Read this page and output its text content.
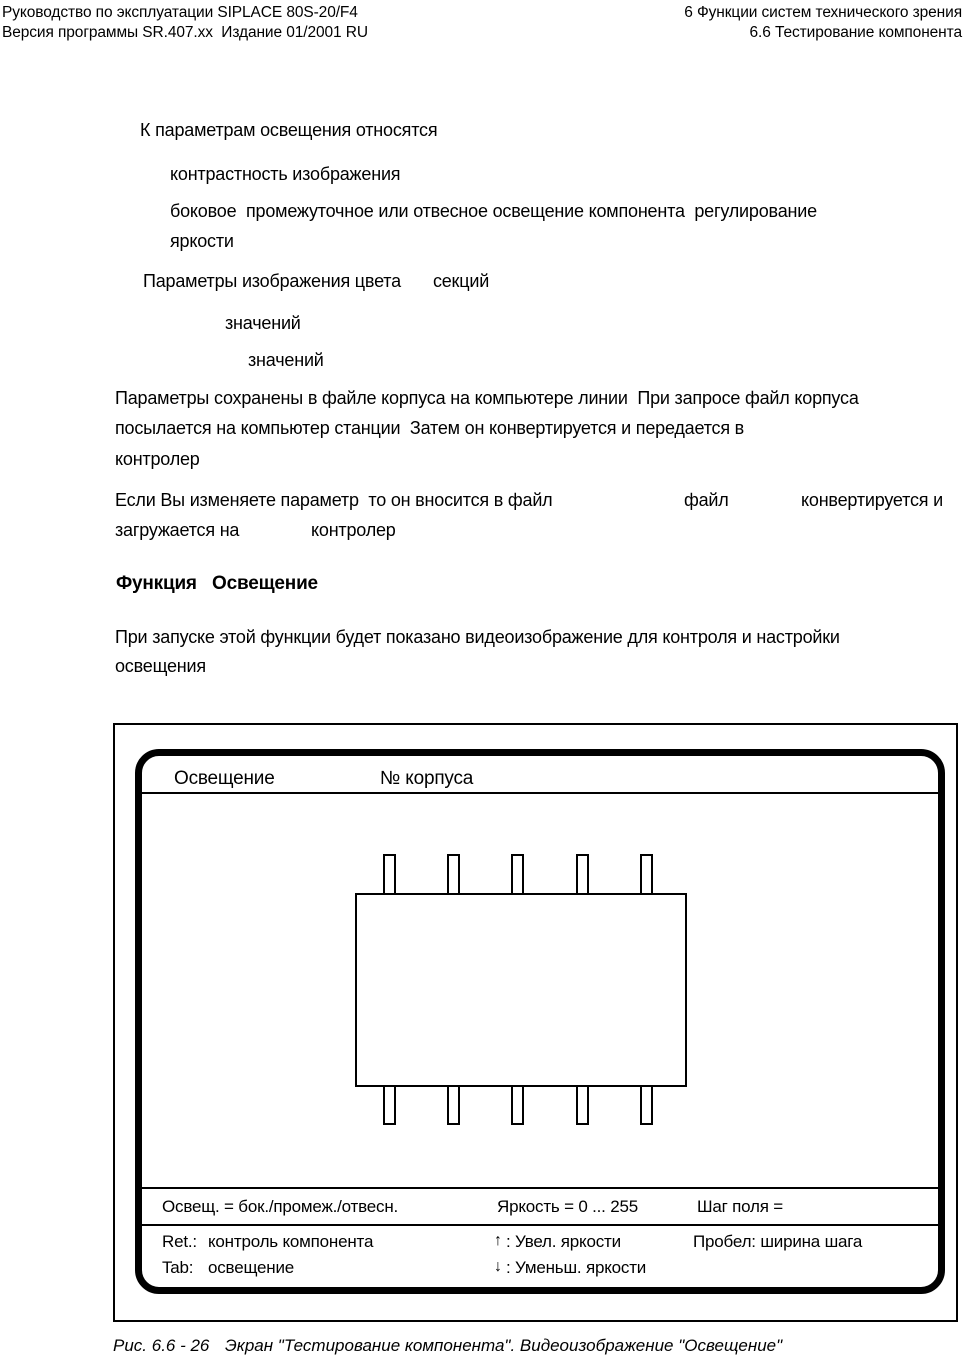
Руководство по эксплуатации SIPLACE 80S-20/F4
Версия программы SR.407.xx  Издание 01/2001 RU
6 Функции систем технического зрения
6.6 Тестирование компонента
К параметрам освещения относятся
контрастность изображения
боковое  промежуточное или отвесное освещение компонента  регулирование
яркости
Параметры изображения цвета секций
значений
значений
Параметры сохранены в файле корпуса на компьютере линии  При запросе файл корпуса
посылается на компьютер станции  Затем он конвертируется и передается в
контролер

Если Вы изменяете параметр  то он вносится в файл

	файл

	конвертируется и

загружается на

	контролер

Функция   Освещение
При запуске этой функции будет показано видеоизображение для контроля и настройки
освещения
Освещение	№ корпуса
Освещ. = бок./промеж./отвесн.	Яркость = 0 ... 255	Шаг поля =
Ret.: контроль компонента	↑ : Увел. яркости	Пробел: ширина шага
Tab: освещение	↓ : Уменьш. яркости
Рис. 6.6 - 26 Экран "Тестирование компонента". Видеоизображение "Освещение"
